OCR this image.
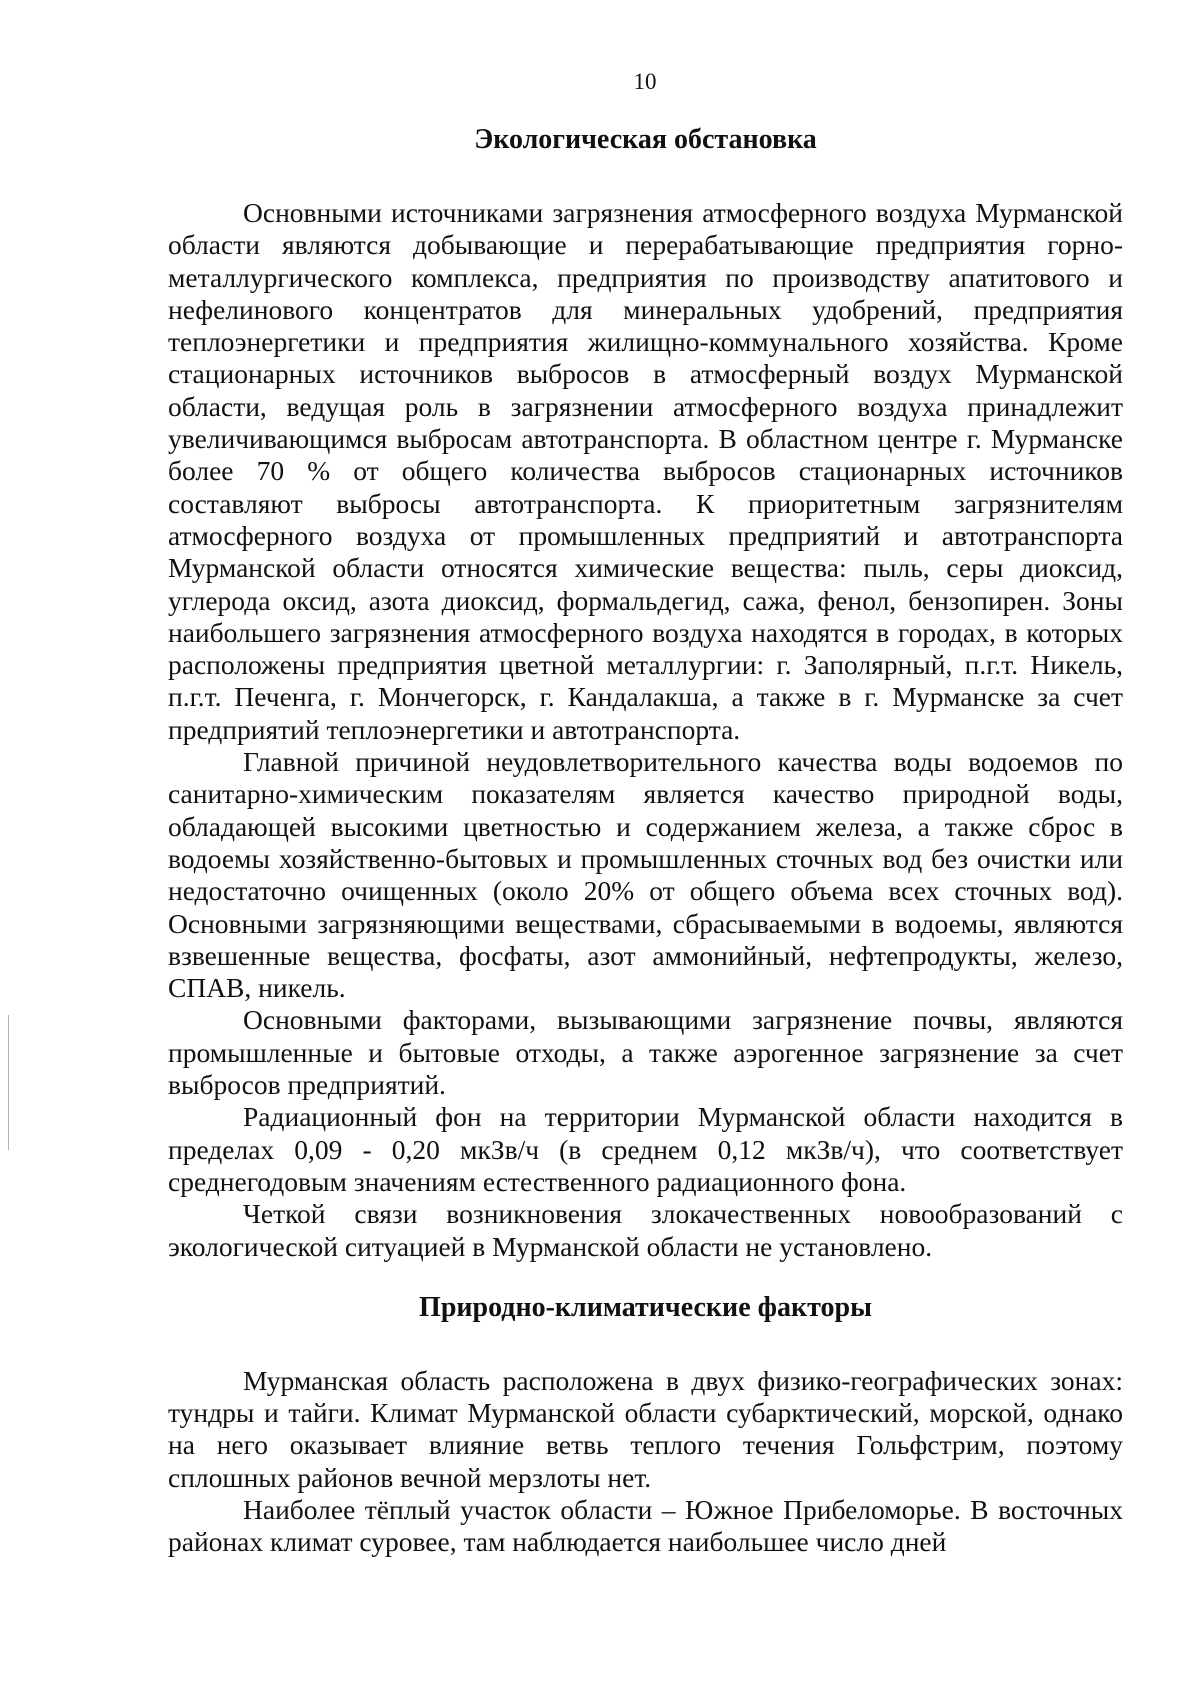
10
Экологическая обстановка

Основными источниками загрязнения атмосферного воздуха Мурманской области являются добывающие и перерабатывающие предприятия горно-металлургического комплекса, предприятия по производству апатитового и нефелинового концентратов для минеральных удобрений, предприятия теплоэнергетики и предприятия жилищно-коммунального хозяйства. Кроме стационарных источников выбросов в атмосферный воздух Мурманской области, ведущая роль в загрязнении атмосферного воздуха принадлежит увеличивающимся выбросам автотранспорта. В областном центре г. Мурманске более 70 % от общего количества выбросов стационарных источников составляют выбросы автотранспорта. К приоритетным загрязнителям атмосферного воздуха от промышленных предприятий и автотранспорта Мурманской области относятся химические вещества: пыль, серы диоксид, углерода оксид, азота диоксид, формальдегид, сажа, фенол, бензопирен. Зоны наибольшего загрязнения атмосферного воздуха находятся в городах, в которых расположены предприятия цветной металлургии: г. Заполярный, п.г.т. Никель, п.г.т. Печенга, г. Мончегорск, г. Кандалакша, а также в г. Мурманске за счет предприятий теплоэнергетики и автотранспорта.

Главной причиной неудовлетворительного качества воды водоемов по санитарно-химическим показателям является качество природной воды, обладающей высокими цветностью и содержанием железа, а также сброс в водоемы хозяйственно-бытовых и промышленных сточных вод без очистки или недостаточно очищенных (около 20% от общего объема всех сточных вод). Основными загрязняющими веществами, сбрасываемыми в водоемы, являются взвешенные вещества, фосфаты, азот аммонийный, нефтепродукты, железо, СПАВ, никель.

Основными факторами, вызывающими загрязнение почвы, являются промышленные и бытовые отходы, а также аэрогенное загрязнение за счет выбросов предприятий.

Радиационный фон на территории Мурманской области находится в пределах 0,09 - 0,20 мкЗв/ч (в среднем 0,12 мкЗв/ч), что соответствует среднегодовым значениям естественного радиационного фона.

Четкой связи возникновения злокачественных новообразований с экологической ситуацией в Мурманской области не установлено.

Природно-климатические факторы

Мурманская область расположена в двух физико-географических зонах: тундры и тайги. Климат Мурманской области субарктический, морской, однако на него оказывает влияние ветвь теплого течения Гольфстрим, поэтому сплошных районов вечной мерзлоты нет.

Наиболее тёплый участок области – Южное Прибеломорье. В восточных районах климат суровее, там наблюдается наибольшее число дней
